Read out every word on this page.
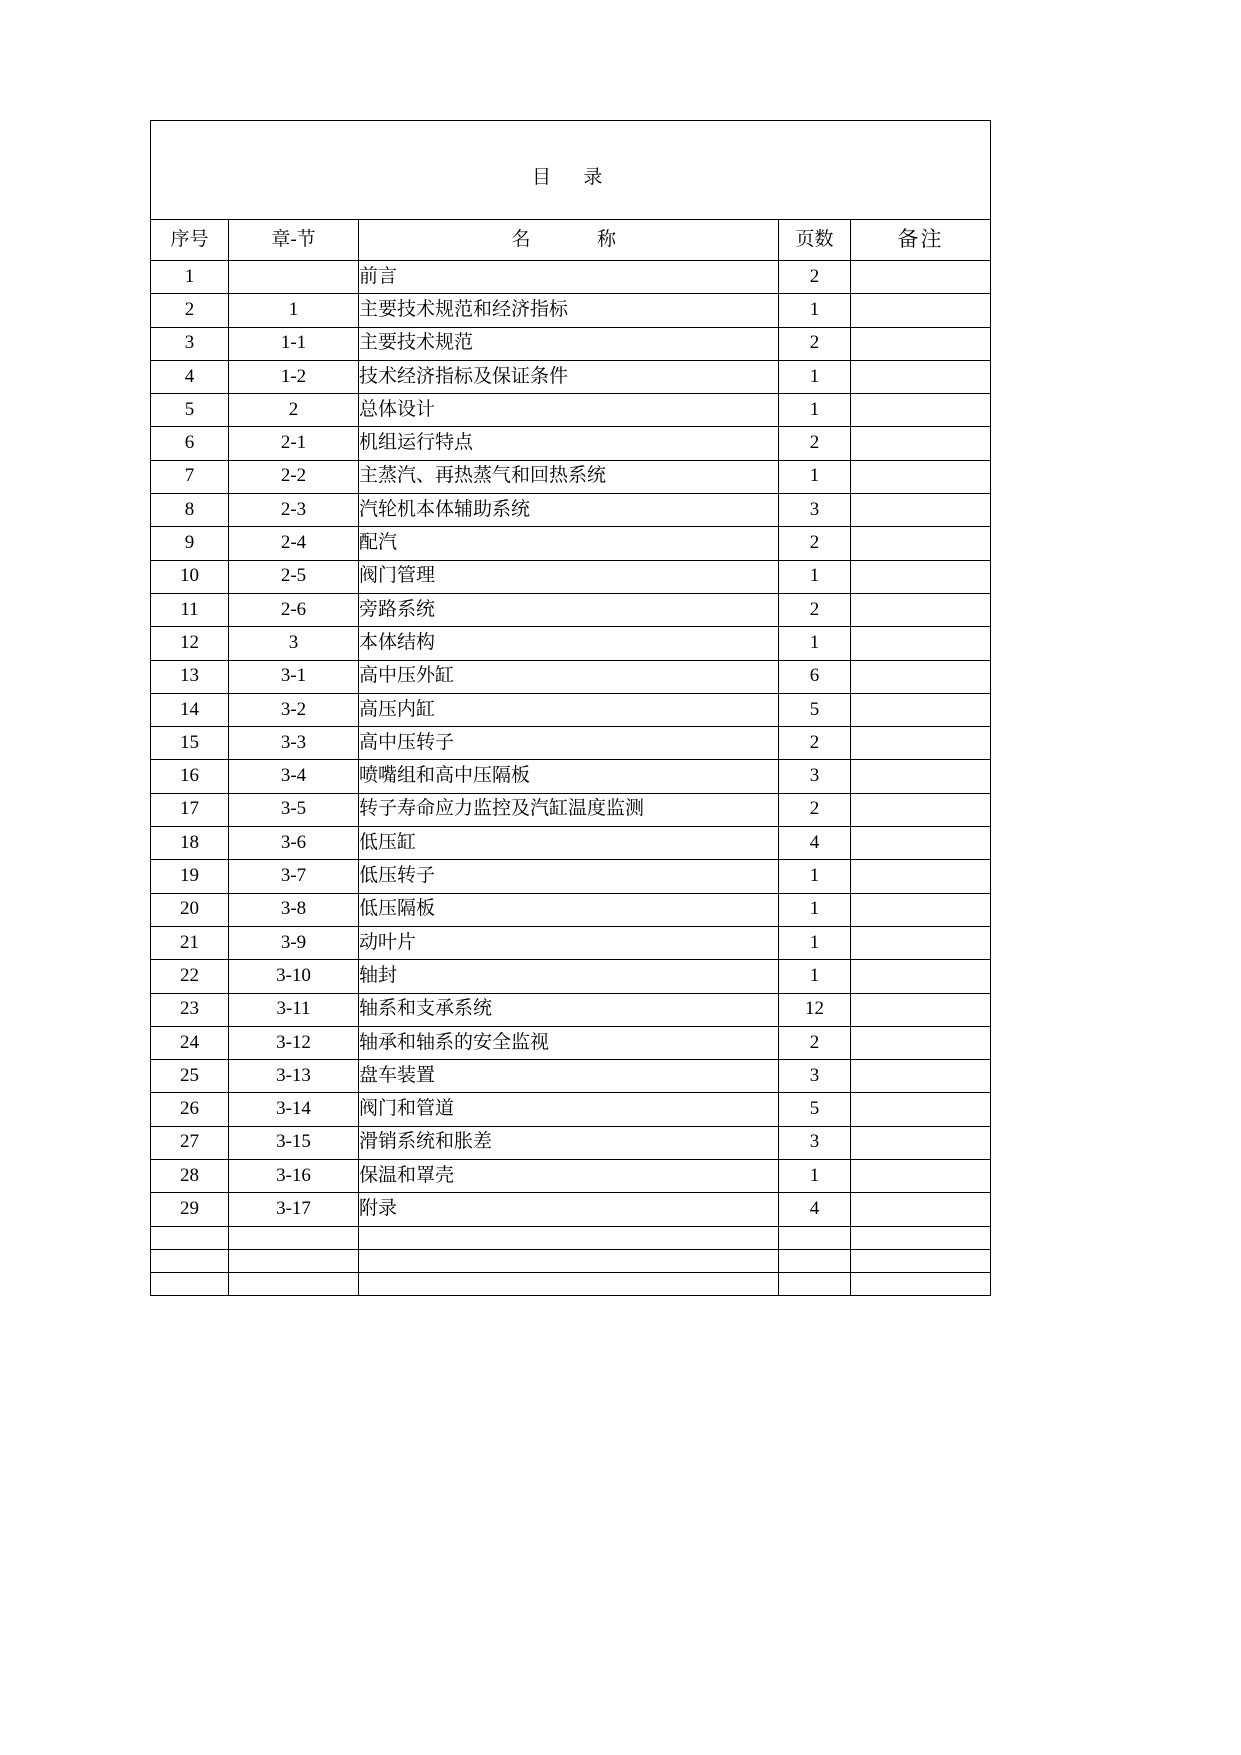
目　录				
序号	章-节	名　　称	页数	备注
1		前言	2	
2	1	主要技术规范和经济指标	1	
3	1-1	主要技术规范	2	
4	1-2	技术经济指标及保证条件	1	
5	2	总体设计	1	
6	2-1	机组运行特点	2	
7	2-2	主蒸汽、再热蒸气和回热系统	1	
8	2-3	汽轮机本体辅助系统	3	
9	2-4	配汽	2	
10	2-5	阀门管理	1	
11	2-6	旁路系统	2	
12	3	本体结构	1	
13	3-1	高中压外缸	6	
14	3-2	高压内缸	5	
15	3-3	高中压转子	2	
16	3-4	喷嘴组和高中压隔板	3	
17	3-5	转子寿命应力监控及汽缸温度监测	2	
18	3-6	低压缸	4	
19	3-7	低压转子	1	
20	3-8	低压隔板	1	
21	3-9	动叶片	1	
22	3-10	轴封	1	
23	3-11	轴系和支承系统	12	
24	3-12	轴承和轴系的安全监视	2	
25	3-13	盘车装置	3	
26	3-14	阀门和管道	5	
27	3-15	滑销系统和胀差	3	
28	3-16	保温和罩壳	1	
29	3-17	附录	4	
